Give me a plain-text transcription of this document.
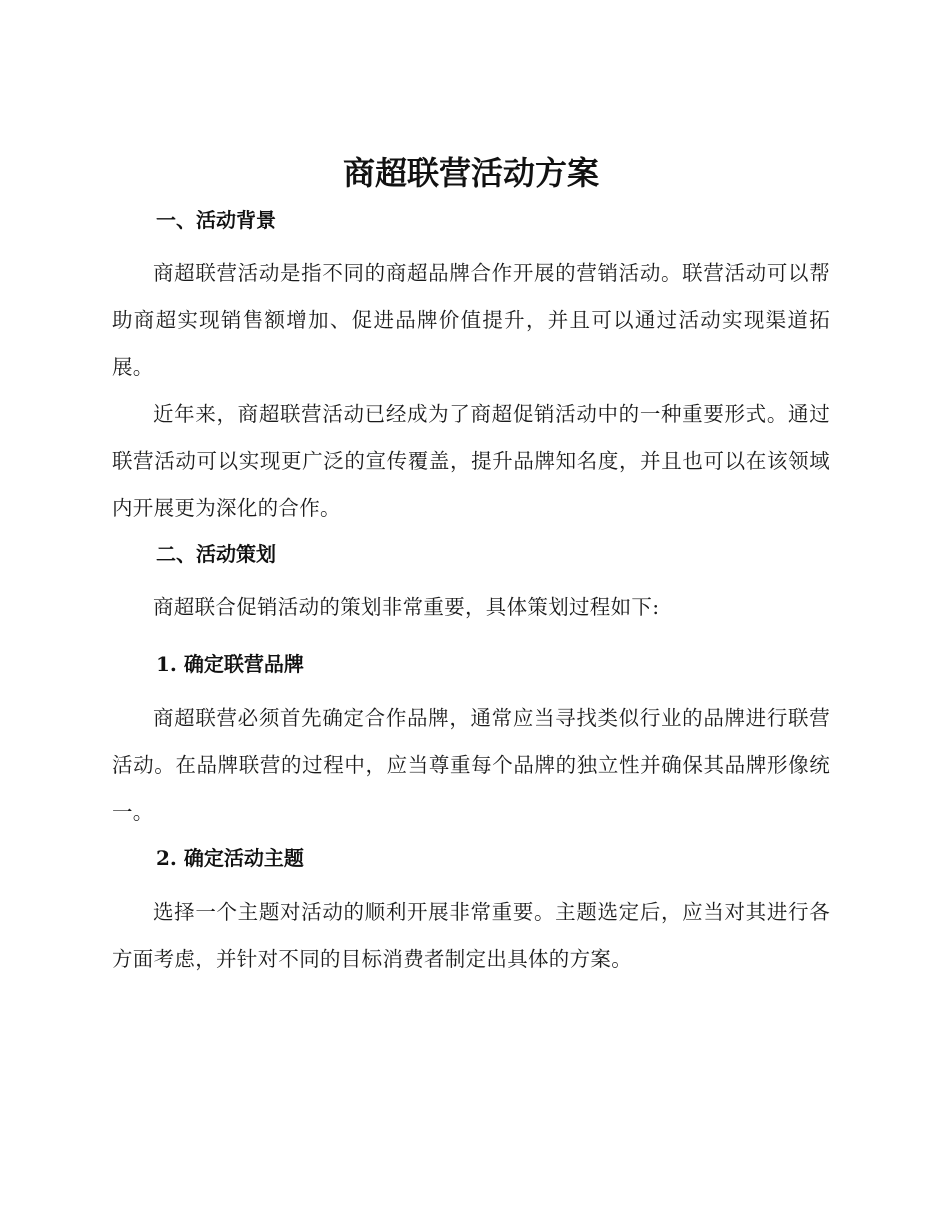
商超联营活动方案
一、活动背景

商超联营活动是指不同的商超品牌合作开展的营销活动。联营活动可以帮助商超实现销售额增加、促进品牌价值提升，并且可以通过活动实现渠道拓展。

近年来，商超联营活动已经成为了商超促销活动中的一种重要形式。通过联营活动可以实现更广泛的宣传覆盖，提升品牌知名度，并且也可以在该领域内开展更为深化的合作。

二、活动策划

商超联合促销活动的策划非常重要，具体策划过程如下:

1. 确定联营品牌

商超联营必须首先确定合作品牌，通常应当寻找类似行业的品牌进行联营活动。在品牌联营的过程中，应当尊重每个品牌的独立性并确保其品牌形像统一。

2. 确定活动主题

选择一个主题对活动的顺利开展非常重要。主题选定后，应当对其进行各方面考虑，并针对不同的目标消费者制定出具体的方案。
